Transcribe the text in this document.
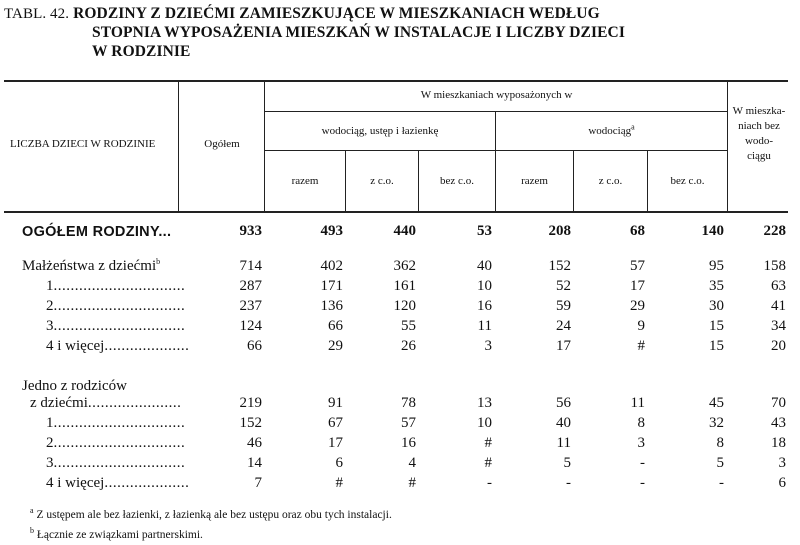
TABL. 42. RODZINY Z DZIEĆMI ZAMIESZKUJĄCE W MIESZKANIACH WEDŁUG
STOPNIA WYPOSAŻENIA MIESZKAŃ W INSTALACJE I LICZBY DZIECI
W RODZINIE
LICZBA DZIECI W RODZINIE	Ogółem
W mieszkaniach wyposażonych w
wodociąg, ustęp i łazienkę	wodociąg$^a$
W mieszka-
niach bez
wodo-
ciągu
razem	z c.o.	bez c.o.	razem	z c.o.	bez c.o.
OGÓŁEM RODZINY...	933	493	440	53	208	68	140	228
Małżeństwa z dziećmi$^b$	714	402	362	40	152	57	95	158
1...............................	287	171	161	10	52	17	35	63
2...............................	237	136	120	16	59	29	30	41
3...............................	124	66	55	11	24	9	15	34
4 i więcej....................	66	29	26	3	17	#	15	20
Jedno z rodziców
z dziećmi......................	219	91	78	13	56	11	45	70
1...............................	152	67	57	10	40	8	32	43
2...............................	46	17	16	#	11	3	8	18
3...............................	14	6	4	#	5	-	5	3
4 i więcej....................	7	#	#	-	-	-	-	6
$^a$ Z ustępem ale bez łazienki, z łazienką ale bez ustępu oraz obu tych instalacji.
$^b$ Łącznie ze związkami partnerskimi.
